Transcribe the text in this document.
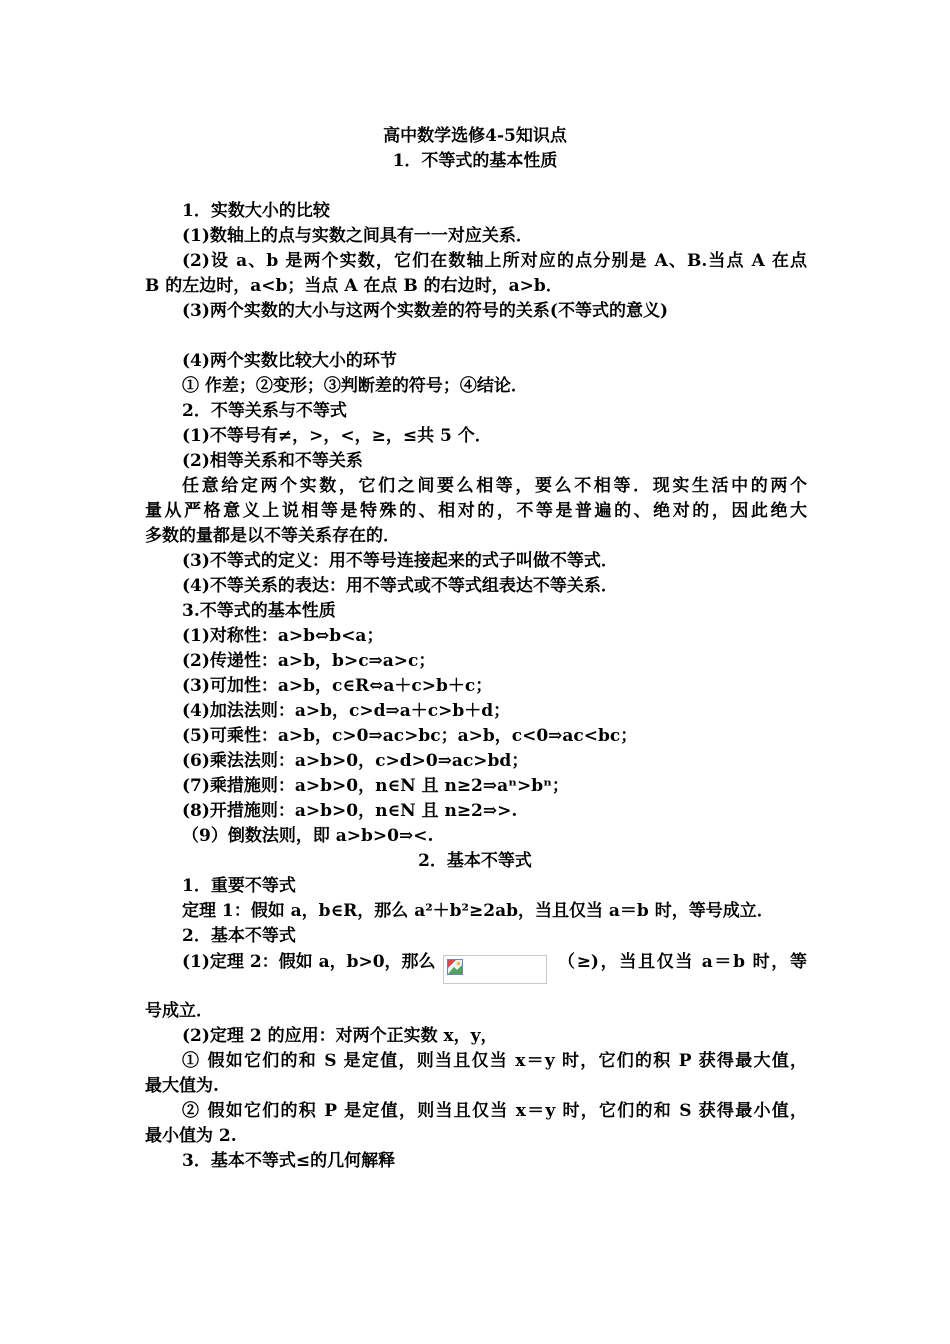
高中数学选修4-5知识点
1．不等式的基本性质
1．实数大小的比较
(1)数轴上的点与实数之间具有一一对应关系．
(2)设 a、b 是两个实数，它们在数轴上所对应的点分别是 A、B.当点 A 在点
B 的左边时，a<b；当点 A 在点 B 的右边时，a>b．
(3)两个实数的大小与这两个实数差的符号的关系(不等式的意义)
(4)两个实数比较大小的环节
① 作差；②变形；③判断差的符号；④结论．
2．不等关系与不等式
(1)不等号有≠，>，<，≥，≤共 5 个．
(2)相等关系和不等关系
任意给定两个实数，它们之间要么相等，要么不相等．现实生活中的两个
量从严格意义上说相等是特殊的、相对的，不等是普遍的、绝对的，因此绝大
多数的量都是以不等关系存在的．
(3)不等式的定义：用不等号连接起来的式子叫做不等式．
(4)不等关系的表达：用不等式或不等式组表达不等关系．
3.不等式的基本性质
(1)对称性：a>b⇔b<a；
(2)传递性：a>b，b>c⇒a>c；
(3)可加性：a>b，c∈R⇔a＋c>b＋c；
(4)加法法则：a>b，c>d⇒a＋c>b＋d；
(5)可乘性：a>b，c>0⇒ac>bc；a>b，c<0⇒ac<bc；
(6)乘法法则：a>b>0，c>d>0⇒ac>bd；
(7)乘措施则：a>b>0，n∈N 且 n≥2⇒aⁿ>bⁿ；
(8)开措施则：a>b>0，n∈N 且 n≥2⇒>.
（9）倒数法则，即 a>b>0⇒<.
2．基本不等式
1．重要不等式
定理 1：假如 a，b∈R，那么 a²＋b²≥2ab，当且仅当 a＝b 时，等号成立．
2．基本不等式
(1)定理 2：假如 a，b>0，那么	（≥)，当且仅当 a＝b 时，等
号成立．
(2)定理 2 的应用：对两个正实数 x，y，
① 假如它们的和 S 是定值，则当且仅当 x＝y 时，它们的积 P 获得最大值，
最大值为.
② 假如它们的积 P 是定值，则当且仅当 x＝y 时，它们的和 S 获得最小值，
最小值为 2.
3．基本不等式≤的几何解释
